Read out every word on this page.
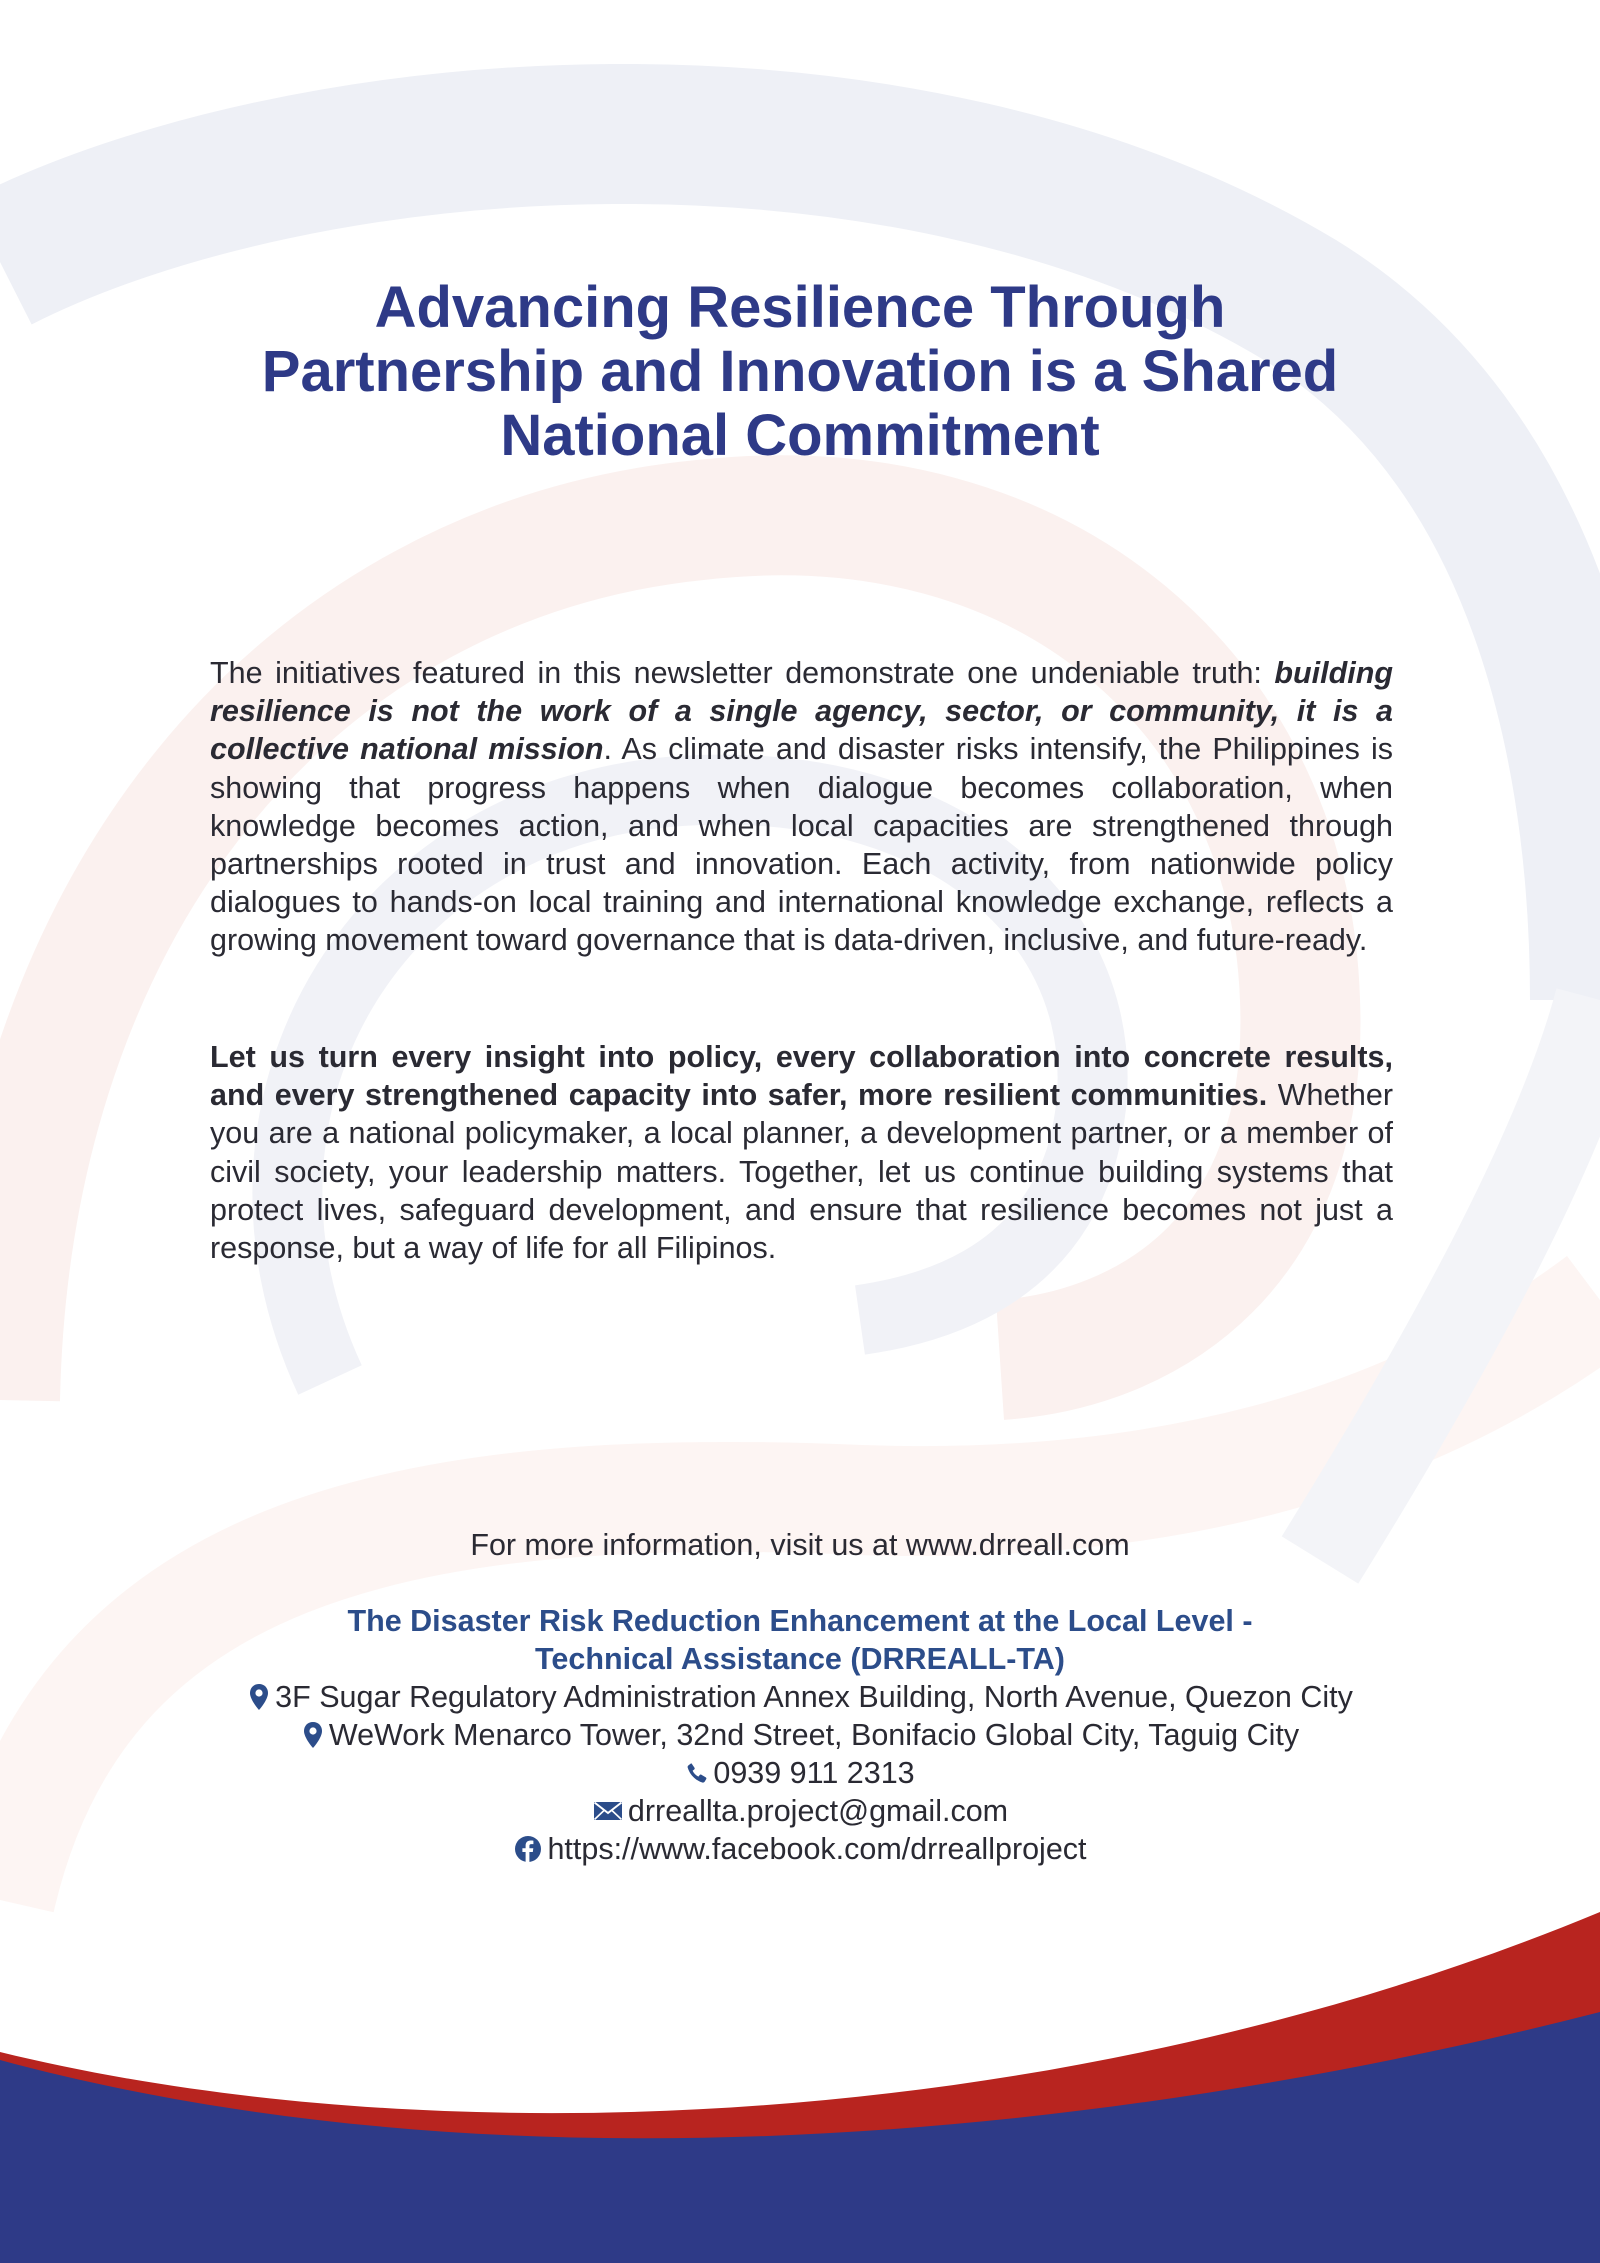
Advancing Resilience Through
Partnership and Innovation is a Shared
National Commitment

The initiatives featured in this newsletter demonstrate one undeniable truth: building resilience is not the work of a single agency, sector, or community, it is a collective national mission. As climate and disaster risks intensify, the Philippines is showing that progress happens when dialogue becomes collaboration, when knowledge becomes action, and when local capacities are strengthened through partnerships rooted in trust and innovation. Each activity, from nationwide policy dialogues to hands-on local training and international knowledge exchange, reflects a growing movement toward governance that is data-driven, inclusive, and future-ready.

Let us turn every insight into policy, every collaboration into concrete results, and every strengthened capacity into safer, more resilient communities. Whether you are a national policymaker, a local planner, a development partner, or a member of civil society, your leadership matters. Together, let us continue building systems that protect lives, safeguard development, and ensure that resilience becomes not just a response, but a way of life for all Filipinos.

For more information, visit us at www.drreall.com
The Disaster Risk Reduction Enhancement at the Local Level -
Technical Assistance (DRREALL-TA)
3F Sugar Regulatory Administration Annex Building, North Avenue, Quezon City
WeWork Menarco Tower, 32nd Street, Bonifacio Global City, Taguig City
0939 911 2313
drreallta.project@gmail.com
https://www.facebook.com/drreallproject
